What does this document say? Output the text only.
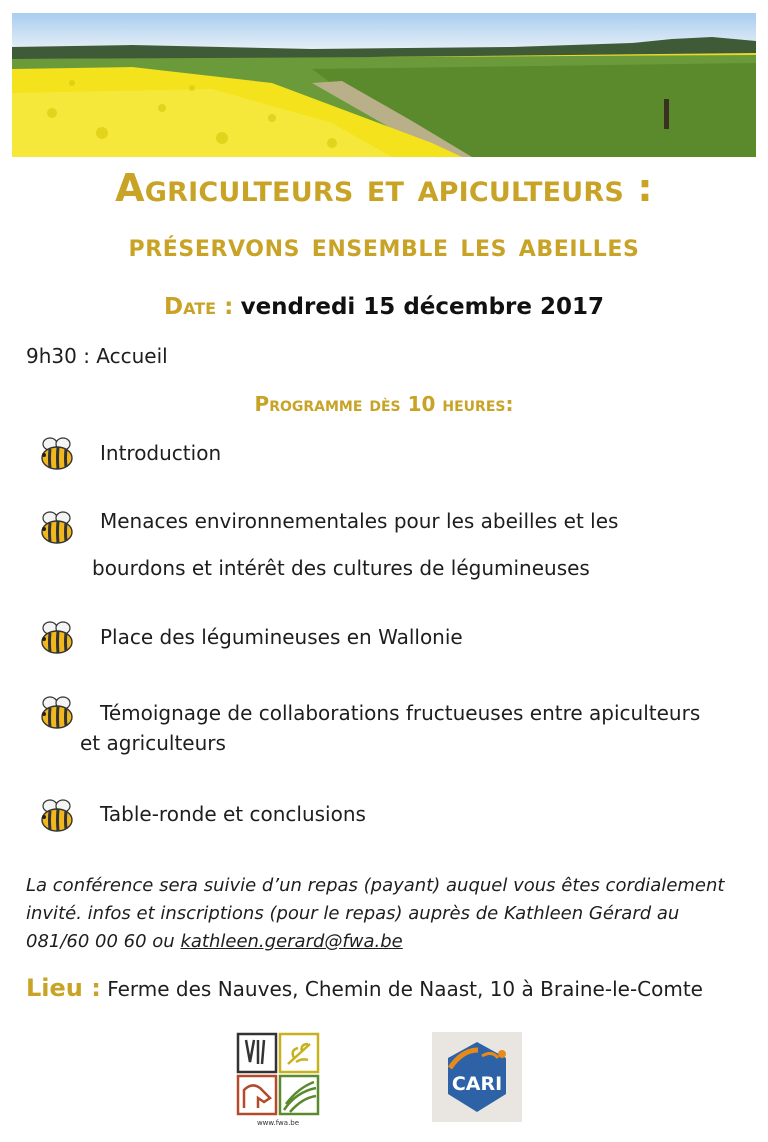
Agriculteurs et apiculteurs :
préservons ensemble les abeilles
Date : vendredi 15 décembre 2017
9h30 : Accueil
Programme dès 10 heures:
Introduction
Menaces environnementales pour les abeilles et les
bourdons et intérêt des cultures de légumineuses
Place des légumineuses en Wallonie
Témoignage de collaborations fructueuses entre apiculteurs
et agriculteurs
Table-ronde et conclusions
La conférence sera suivie d’un repas (payant) auquel vous êtes cordialement
invité. infos et inscriptions (pour le repas) auprès de Kathleen Gérard au
081/60 00 60 ou kathleen.gerard@fwa.be
Lieu : Ferme des Nauves, Chemin de Naast, 10 à Braine-le-Comte
www.fwa.be
CARI
